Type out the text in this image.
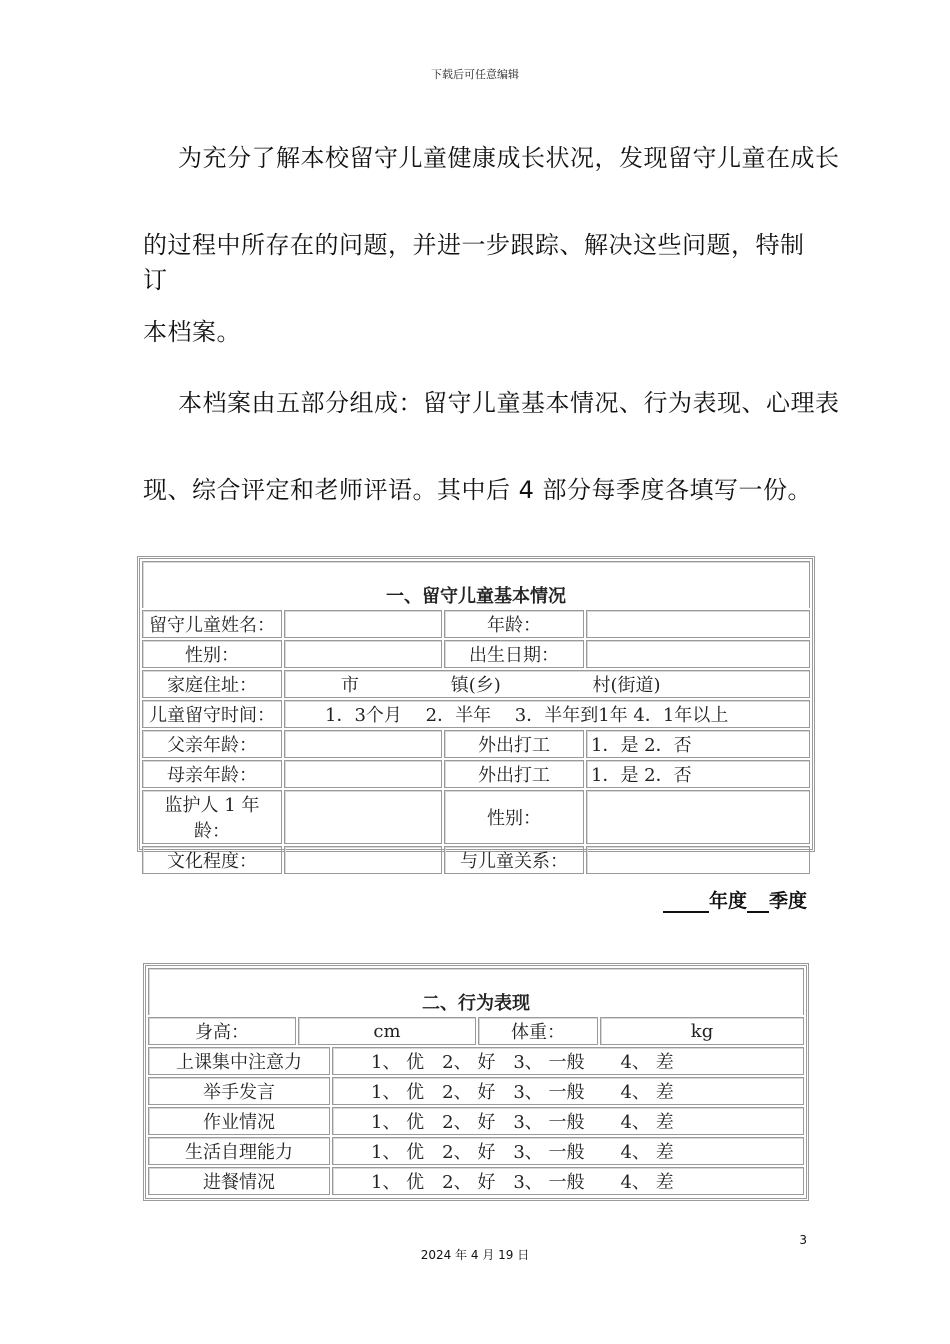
下载后可任意编辑
为充分了解本校留守儿童健康成长状况，发现留守儿童在成长
的过程中所存在的问题，并进一步跟踪、解决这些问题，特制订
本档案。
本档案由五部分组成：留守儿童基本情况、行为表现、心理表
现、综合评定和老师评语。其中后 4 部分每季度各填写一份。
一、留守儿童基本情况			
留守儿童姓名：		年龄：	
性别：		出生日期：	
家庭住址：	市 镇(乡) 村(街道)		
儿童留守时间：	1．3个月　 2．半年　 3．半年到1年 4．1年以上		
父亲年龄：		外出打工	1．是 2．否
母亲年龄：		外出打工	1．是 2．否
监护人 1 年龄：		性别：	
文化程度：		与儿童关系：	
年度 季度
二、行为表现
身高：	cm	体重：	kg
上课集中注意力	1、 优　2、 好　3、 一般　　4、 差
举手发言	1、 优　2、 好　3、 一般　　4、 差
作业情况	1、 优　2、 好　3、 一般　　4、 差
生活自理能力	1、 优　2、 好　3、 一般　　4、 差
进餐情况	1、 优　2、 好　3、 一般　　4、 差
3
2024 年 4 月 19 日
